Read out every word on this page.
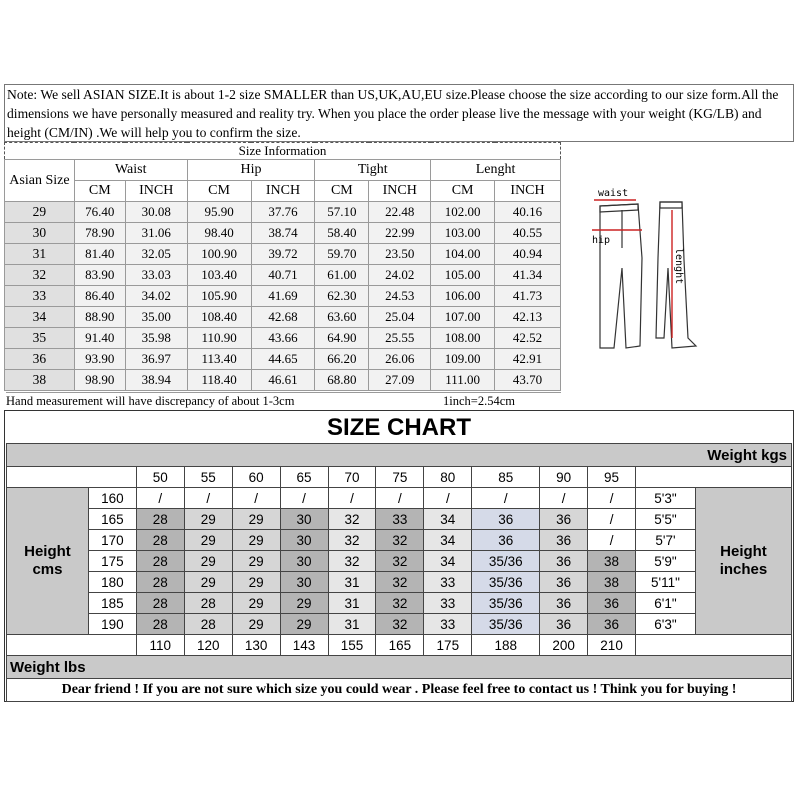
Note: We sell ASIAN SIZE.It is about 1-2 size SMALLER than US,UK,AU,EU size.Please choose the size according to our size form.All the dimensions we have personally measured and reality try. When you place the order please live the message with your weight (KG/LB) and height (CM/IN) .We will help you to confirm the size.
Size Information								
Asian Size	Waist		Hip		Tight		Lenght	
	CM	INCH	CM	INCH	CM	INCH	CM	INCH
29	76.40	30.08	95.90	37.76	57.10	22.48	102.00	40.16
30	78.90	31.06	98.40	38.74	58.40	22.99	103.00	40.55
31	81.40	32.05	100.90	39.72	59.70	23.50	104.00	40.94
32	83.90	33.03	103.40	40.71	61.00	24.02	105.00	41.34
33	86.40	34.02	105.90	41.69	62.30	24.53	106.00	41.73
34	88.90	35.00	108.40	42.68	63.60	25.04	107.00	42.13
35	91.40	35.98	110.90	43.66	64.90	25.55	108.00	42.52
36	93.90	36.97	113.40	44.65	66.20	26.06	109.00	42.91
38	98.90	38.94	118.40	46.61	68.80	27.09	111.00	43.70
Hand measurement will have discrepancy of about 1-3cm	1inch=2.54cm
waist
hip
lenght
SIZE CHART
Weight kgs													
		50	55	60	65	70	75	80	85	90	95		
Height
cms	160	/	/	/	/	/	/	/	/	/	/	5'3"	Height
inches
	165	28	29	29	30	32	33	34	36	36	/	5'5"	
	170	28	29	29	30	32	32	34	36	36	/	5'7'	
	175	28	29	29	30	32	32	34	35/36	36	38	5'9"	
	180	28	29	29	30	31	32	33	35/36	36	38	5'11"	
	185	28	28	29	29	31	32	33	35/36	36	36	6'1"	
	190	28	28	29	29	31	32	33	35/36	36	36	6'3"	
		110	120	130	143	155	165	175	188	200	210		
Weight lbs													
Dear friend ! If you are not sure which size you could wear . Please feel free to contact us ! Think you for buying !													
